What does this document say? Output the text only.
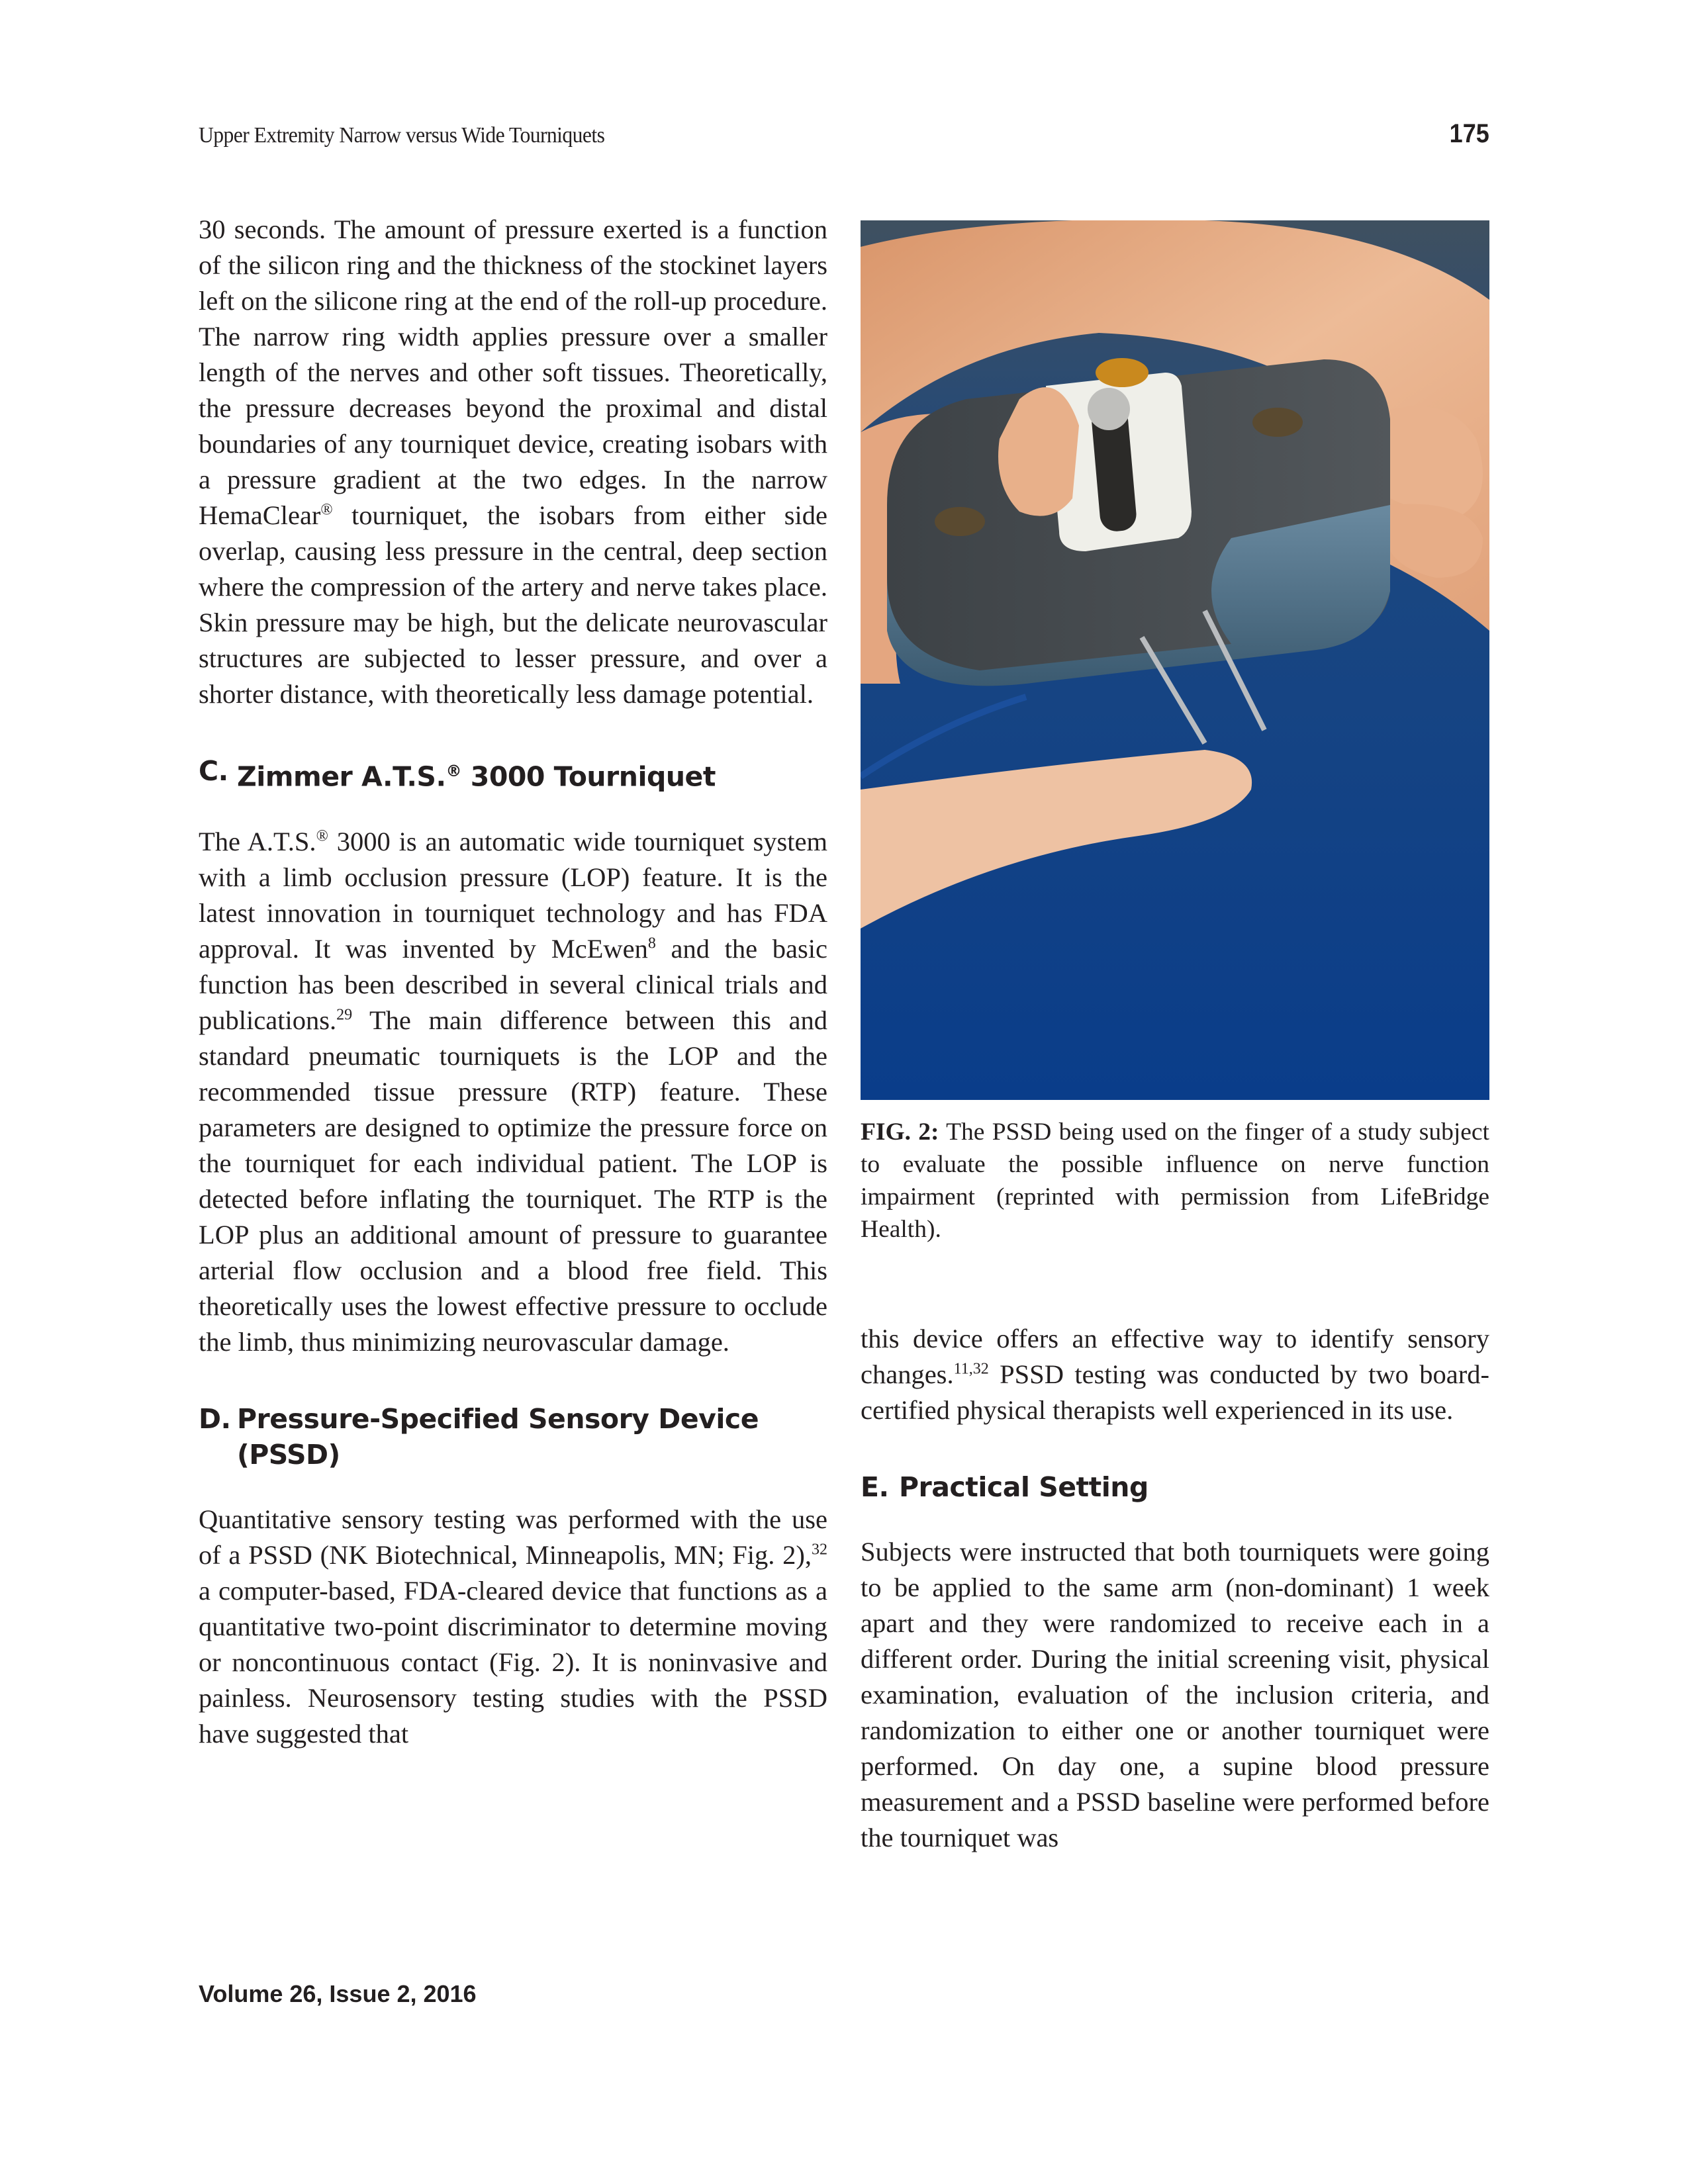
Upper Extremity Narrow versus Wide Tourniquets	175

30 seconds. The amount of pressure exerted is a function of the silicon ring and the thickness of the stockinet layers left on the silicone ring at the end of the roll-up procedure. The narrow ring width applies pressure over a smaller length of the nerves and other soft tissues. Theoretically, the pressure decreases beyond the proximal and distal boundaries of any tourniquet device, creating isobars with a pressure gradient at the two edges. In the narrow HemaClear® tourniquet, the isobars from either side overlap, causing less pressure in the central, deep section where the compression of the artery and nerve takes place. Skin pressure may be high, but the delicate neurovascular structures are subjected to lesser pressure, and over a shorter distance, with theoretically less damage potential.

C. Zimmer A.T.S.® 3000 Tourniquet

The A.T.S.® 3000 is an automatic wide tourniquet system with a limb occlusion pressure (LOP) feature. It is the latest innovation in tourniquet technology and has FDA approval. It was invented by McEwen$^8$ and the basic function has been described in several clinical trials and publications.$^{29}$ The main difference between this and standard pneumatic tourniquets is the LOP and the recommended tissue pressure (RTP) feature. These parameters are designed to optimize the pressure force on the tourniquet for each individual patient. The LOP is detected before inflating the tourniquet. The RTP is the LOP plus an additional amount of pressure to guarantee arterial flow occlusion and a blood free field. This theoretically uses the lowest effective pressure to occlude the limb, thus minimizing neurovascular damage.

D. Pressure-Specified Sensory Device (PSSD)

Quantitative sensory testing was performed with the use of a PSSD (NK Biotechnical, Minneapolis, MN; Fig. 2),$^{32}$ a computer-based, FDA-cleared device that functions as a quantitative two-point discriminator to determine moving or noncontinuous contact (Fig. 2). It is noninvasive and painless. Neurosensory testing studies with the PSSD have suggested that

FIG. 2: The PSSD being used on the finger of a study subject to evaluate the possible influence on nerve function impairment (reprinted with permission from LifeBridge Health).

this device offers an effective way to identify sensory changes.$^{11,32}$ PSSD testing was conducted by two board-certified physical therapists well experienced in its use.

E. Practical Setting

Subjects were instructed that both tourniquets were going to be applied to the same arm (non-dominant) 1 week apart and they were randomized to receive each in a different order. During the initial screening visit, physical examination, evaluation of the inclusion criteria, and randomization to either one or another tourniquet were performed. On day one, a supine blood pressure measurement and a PSSD baseline were performed before the tourniquet was

Volume 26, Issue 2, 2016
